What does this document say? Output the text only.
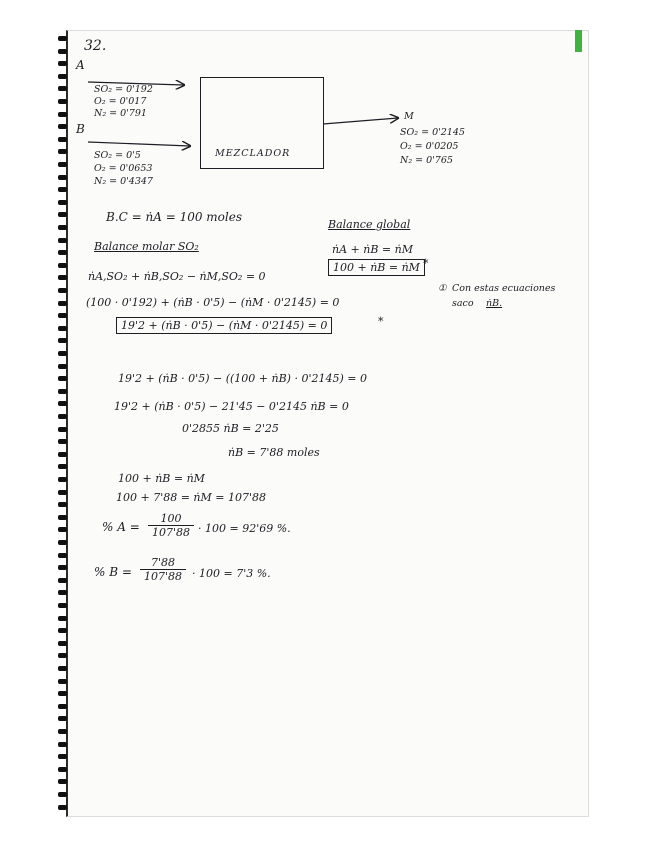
32.
A
SO₂ = 0'192
O₂ = 0'017
N₂ = 0'791
B
SO₂ = 0'5
O₂ = 0'0653
N₂ = 0'4347
MEZCLADOR
M
SO₂ = 0'2145
O₂ = 0'0205
N₂ = 0'765
B.C = ṅA = 100 moles
Balance global
ṅA + ṅB = ṅM
100 + ṅB = ṅM *
① Con estas ecuaciones
saco ṅB.
Balance molar SO₂
ṅA,SO₂ + ṅB,SO₂ − ṅM,SO₂ = 0
(100 · 0'192) + (ṅB · 0'5) − (ṅM · 0'2145) = 0
19'2 + (ṅB · 0'5) − (ṅM · 0'2145) = 0	*
19'2 + (ṅB · 0'5) − ((100 + ṅB) · 0'2145) = 0
19'2 + (ṅB · 0'5) − 21'45 − 0'2145 ṅB = 0
0'2855 ṅB = 2'25
ṅB = 7'88 moles
100 + ṅB = ṅM
100 + 7'88 = ṅM = 107'88
% $A = \frac{100}{107'88} \cdot 100 = 92'69$ %.
% $B = \frac{7'88}{107'88} \cdot 100 = 7'3$ %.
